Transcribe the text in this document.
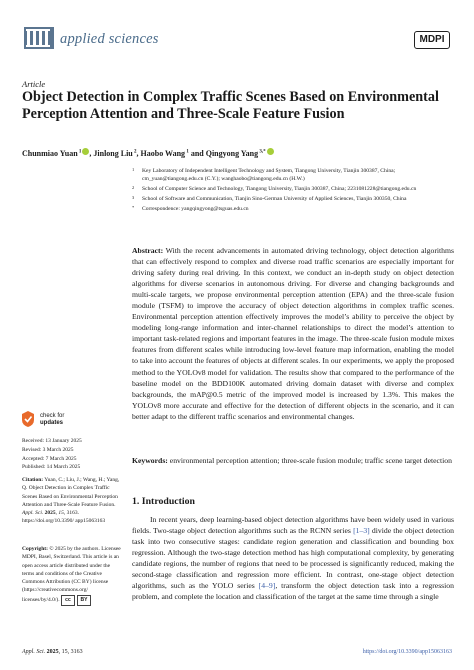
applied sciences	MDPI
Article
Object Detection in Complex Traffic Scenes Based on Environmental Perception Attention and Three-Scale Feature Fusion
Chunmiao Yuan $^1$ , Jinlong Liu $^2$, Haobo Wang $^1$ and Qingyong Yang $^{3,*}$
1 Key Laboratory of Independent Intelligent Technology and System, Tiangong University, Tianjin 300387, China; cm_yuan@tiangong.edu.cn (C.Y.); wanghaobo@tiangong.edu.cn (H.W.)
2 School of Computer Science and Technology, Tiangong University, Tianjin 300387, China; 2231081228@tiangong.edu.cn
3 School of Software and Communication, Tianjin Sino-German University of Applied Sciences, Tianjin 300350, China
* Correspondence: yangqingyong@tsguas.edu.cn
Abstract: With the recent advancements in automated driving technology, object detection algorithms that can effectively respond to complex and diverse road traffic scenarios are especially important for driving safety during real driving. In this context, we conduct an in-depth study on object detection algorithms for diverse scenarios in autonomous driving. For diverse and changing backgrounds and multi-scale targets, we propose environmental perception attention (EPA) and the three-scale fusion module (TSFM) to improve the accuracy of object detection algorithms in complex traffic scenes. Environmental perception attention effectively improves the model’s ability to perceive the object by modeling long-range information and inter-channel relationships to direct the model’s attention to important task-related regions and important features in the image. The three-scale fusion module mixes features from different scales while introducing low-level feature map information, enabling the model to take into account the features of objects at different scales. In our experiments, we apply the proposed method to the YOLOv8 model for validation. The results show that compared to the performance of the baseline model on the BDD100K automated driving domain dataset with diverse and complex backgrounds, the mAP@0.5 metric of the improved model is increased by 1.3%. This makes the YOLOv8 more accurate and effective for the detection of different objects in the scenario, and it can better adapt to the different traffic scenarios and environmental changes.
Keywords: environmental perception attention; three-scale fusion module; traffic scene target detection
check for
updates
Received: 13 January 2025
Revised: 3 March 2025
Accepted: 7 March 2025
Published: 14 March 2025
Citation: Yuan, C.; Liu, J.; Wang, H.; Yang, Q. Object Detection in Complex Traffic Scenes Based on Environmental Perception Attention and Three-Scale Feature Fusion. Appl. Sci. 2025, 15, 3163. https://doi.org/10.3390/ app15063163
Copyright: © 2025 by the authors. Licensee MDPI, Basel, Switzerland. This article is an open access article distributed under the terms and conditions of the Creative Commons Attribution (CC BY) license (https://creativecommons.org/ licenses/by/4.0/).	cc	BY
1. Introduction
In recent years, deep learning-based object detection algorithms have been widely used in various fields. Two-stage object detection algorithms such as the RCNN series [1–3] divide the object detection task into two consecutive stages: candidate region generation and classification and bounding box regression. Although the two-stage detection method has high computational complexity, by generating candidate regions, the number of regions that need to be processed is significantly reduced, making the second-stage classification and regression more efficient. In contrast, one-stage object detection algorithms, such as the YOLO series [4–9], transform the object detection task into a regression problem, and complete the location and classification of the target at the same time through a single
Appl. Sci. 2025, 15, 3163	https://doi.org/10.3390/app15063163
